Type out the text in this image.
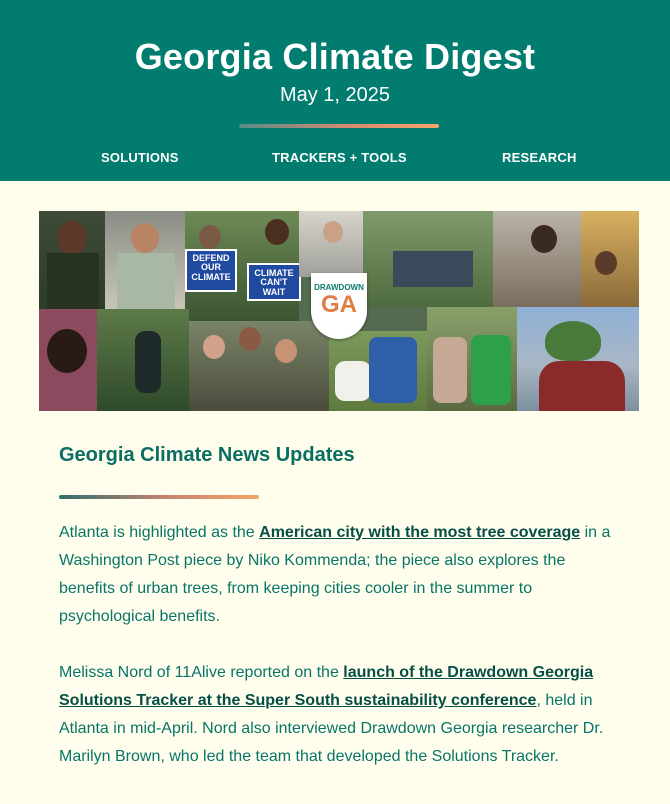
Georgia Climate Digest
May 1, 2025
SOLUTIONS	TRACKERS + TOOLS	RESEARCH
DEFEND OUR CLIMATE	CLIMATE CAN'T WAIT	DRAWDOWN
GA
Georgia Climate News Updates

Atlanta is highlighted as the American city with the most tree coverage in a Washington Post piece by Niko Kommenda; the piece also explores the benefits of urban trees, from keeping cities cooler in the summer to psychological benefits.

Melissa Nord of 11Alive reported on the launch of the Drawdown Georgia Solutions Tracker at the Super South sustainability conference, held in Atlanta in mid-April. Nord also interviewed Drawdown Georgia researcher Dr. Marilyn Brown, who led the team that developed the Solutions Tracker.
